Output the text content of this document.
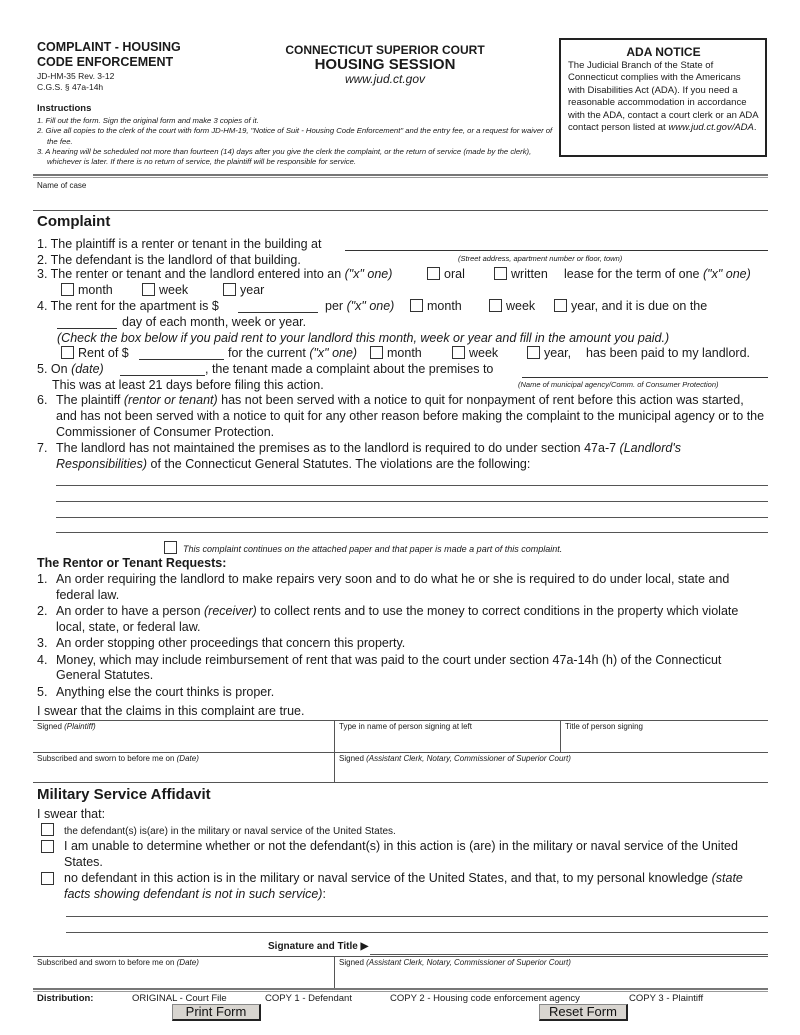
COMPLAINT - HOUSING
CODE ENFORCEMENT
JD-HM-35 Rev. 3-12
C.G.S. § 47a-14h
CONNECTICUT SUPERIOR COURT
HOUSING SESSION
www.jud.ct.gov
ADA NOTICE
The Judicial Branch of the State of Connecticut complies with the Americans with Disabilities Act (ADA). If you need a reasonable accommodation in accordance with the ADA, contact a court clerk or an ADA contact person listed at www.jud.ct.gov/ADA.
Instructions
1. Fill out the form. Sign the original form and make 3 copies of it.
2. Give all copies to the clerk of the court with form JD-HM-19, "Notice of Suit - Housing Code Enforcement" and the entry fee, or a request for waiver of the fee.
3. A hearing will be scheduled not more than fourteen (14) days after you give the clerk the complaint, or the return of service (made by the clerk), whichever is later. If there is no return of service, the plaintiff will be responsible for service.
Name of case
Complaint
1. The plaintiff is a renter or tenant in the building at
2. The defendant is the landlord of that building.	(Street address, apartment number or floor, town)
3. The renter or tenant and the landlord entered into an ("x" one)	oral	written lease for the term of one ("x" one)
month	week	year
4. The rent for the apartment is $	per ("x" one)	month	week	year, and it is due on the
day of each month, week or year.
(Check the box below if you paid rent to your landlord this month, week or year and fill in the amount you paid.)
Rent of $	for the current ("x" one)	month	week	year, has been paid to my landlord.
5. On (date)	, the tenant made a complaint about the premises to
This was at least 21 days before filing this action.	(Name of municipal agency/Comm. of Consumer Protection)
6. The plaintiff (rentor or tenant) has not been served with a notice to quit for nonpayment of rent before this action was started, and has not been served with a notice to quit for any other reason before making the complaint to the municipal agency or to the Commissioner of Consumer Protection.
7. The landlord has not maintained the premises as to the landlord is required to do under section 47a-7 (Landlord's Responsibilities) of the Connecticut General Statutes. The violations are the following:
This complaint continues on the attached paper and that paper is made a part of this complaint.
The Rentor or Tenant Requests:
1. An order requiring the landlord to make repairs very soon and to do what he or she is required to do under local, state and federal law.
2. An order to have a person (receiver) to collect rents and to use the money to correct conditions in the property which violate local, state, or federal law.
3. An order stopping other proceedings that concern this property.
4. Money, which may include reimbursement of rent that was paid to the court under section 47a-14h (h) of the Connecticut General Statutes.
5. Anything else the court thinks is proper.
I swear that the claims in this complaint are true.
Signed (Plaintiff)	Type in name of person signing at left	Title of person signing
Subscribed and sworn to before me on (Date)	Signed (Assistant Clerk, Notary, Commissioner of Superior Court)
Military Service Affidavit
I swear that:
the defendant(s) is(are) in the military or naval service of the United States.
I am unable to determine whether or not the defendant(s) in this action is (are) in the military or naval service of the United States.
no defendant in this action is in the military or naval service of the United States, and that, to my personal knowledge (state facts showing defendant is not in such service):
Signature and Title ▶
Subscribed and sworn to before me on (Date)	Signed (Assistant Clerk, Notary, Commissioner of Superior Court)
Distribution:	ORIGINAL - Court File	COPY 1 - Defendant	COPY 2 - Housing code enforcement agency	COPY 3 - Plaintiff
Print Form	Reset Form
